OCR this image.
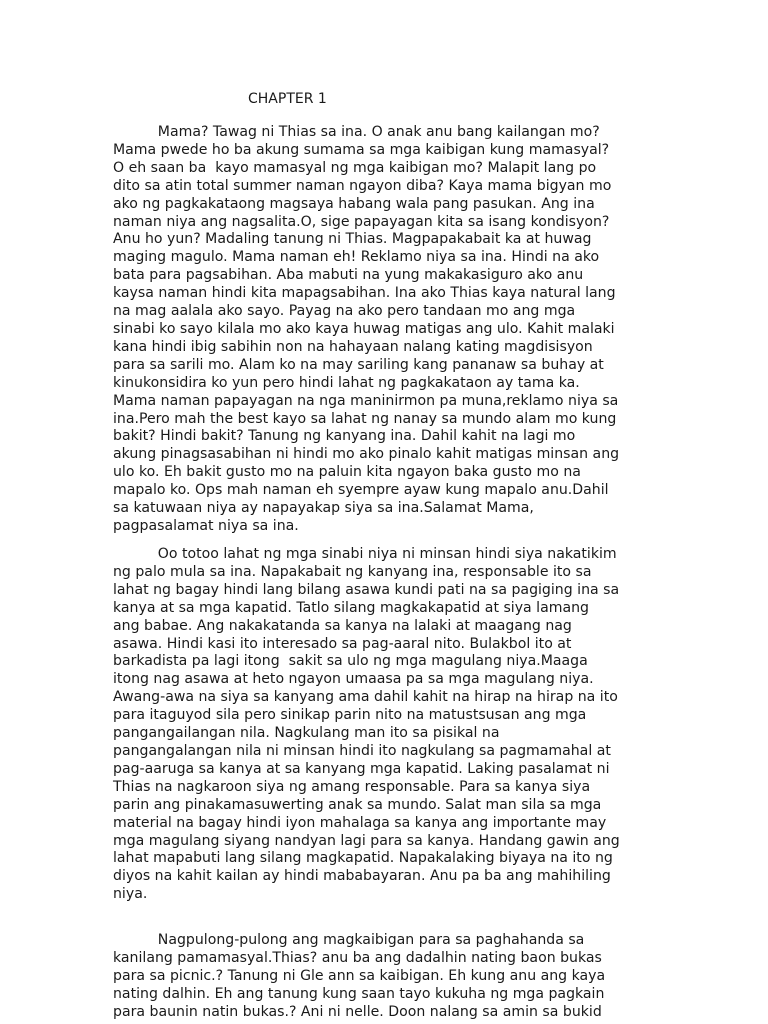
CHAPTER 1

Mama? Tawag ni Thias sa ina. O anak anu bang kailangan mo?
Mama pwede ho ba akung sumama sa mga kaibigan kung mamasyal?
O eh saan ba  kayo mamasyal ng mga kaibigan mo? Malapit lang po
dito sa atin total summer naman ngayon diba? Kaya mama bigyan mo
ako ng pagkakataong magsaya habang wala pang pasukan. Ang ina
naman niya ang nagsalita.O, sige papayagan kita sa isang kondisyon?
Anu ho yun? Madaling tanung ni Thias. Magpapakabait ka at huwag
maging magulo. Mama naman eh! Reklamo niya sa ina. Hindi na ako
bata para pagsabihan. Aba mabuti na yung makakasiguro ako anu
kaysa naman hindi kita mapagsabihan. Ina ako Thias kaya natural lang
na mag aalala ako sayo. Payag na ako pero tandaan mo ang mga
sinabi ko sayo kilala mo ako kaya huwag matigas ang ulo. Kahit malaki
kana hindi ibig sabihin non na hahayaan nalang kating magdisisyon
para sa sarili mo. Alam ko na may sariling kang pananaw sa buhay at
kinukonsidira ko yun pero hindi lahat ng pagkakataon ay tama ka.
Mama naman papayagan na nga maninirmon pa muna,reklamo niya sa
ina.Pero mah the best kayo sa lahat ng nanay sa mundo alam mo kung
bakit? Hindi bakit? Tanung ng kanyang ina. Dahil kahit na lagi mo
akung pinagsasabihan ni hindi mo ako pinalo kahit matigas minsan ang
ulo ko. Eh bakit gusto mo na paluin kita ngayon baka gusto mo na
mapalo ko. Ops mah naman eh syempre ayaw kung mapalo anu.Dahil
sa katuwaan niya ay napayakap siya sa ina.Salamat Mama,
pagpasalamat niya sa ina.

Oo totoo lahat ng mga sinabi niya ni minsan hindi siya nakatikim
ng palo mula sa ina. Napakabait ng kanyang ina, responsable ito sa
lahat ng bagay hindi lang bilang asawa kundi pati na sa pagiging ina sa
kanya at sa mga kapatid. Tatlo silang magkakapatid at siya lamang
ang babae. Ang nakakatanda sa kanya na lalaki at maagang nag
asawa. Hindi kasi ito interesado sa pag-aaral nito. Bulakbol ito at
barkadista pa lagi itong  sakit sa ulo ng mga magulang niya.Maaga
itong nag asawa at heto ngayon umaasa pa sa mga magulang niya.
Awang-awa na siya sa kanyang ama dahil kahit na hirap na hirap na ito
para itaguyod sila pero sinikap parin nito na matustsusan ang mga
pangangailangan nila. Nagkulang man ito sa pisikal na
pangangalangan nila ni minsan hindi ito nagkulang sa pagmamahal at
pag-aaruga sa kanya at sa kanyang mga kapatid. Laking pasalamat ni
Thias na nagkaroon siya ng amang responsable. Para sa kanya siya
parin ang pinakamasuwerting anak sa mundo. Salat man sila sa mga
material na bagay hindi iyon mahalaga sa kanya ang importante may
mga magulang siyang nandyan lagi para sa kanya. Handang gawin ang
lahat mapabuti lang silang magkapatid. Napakalaking biyaya na ito ng
diyos na kahit kailan ay hindi mababayaran. Anu pa ba ang mahihiling
niya.

Nagpulong-pulong ang magkaibigan para sa paghahanda sa
kanilang pamamasyal.Thias? anu ba ang dadalhin nating baon bukas
para sa picnic.? Tanung ni Gle ann sa kaibigan. Eh kung anu ang kaya
nating dalhin. Eh ang tanung kung saan tayo kukuha ng mga pagkain
para baunin natin bukas.? Ani ni nelle. Doon nalang sa amin sa bukid
